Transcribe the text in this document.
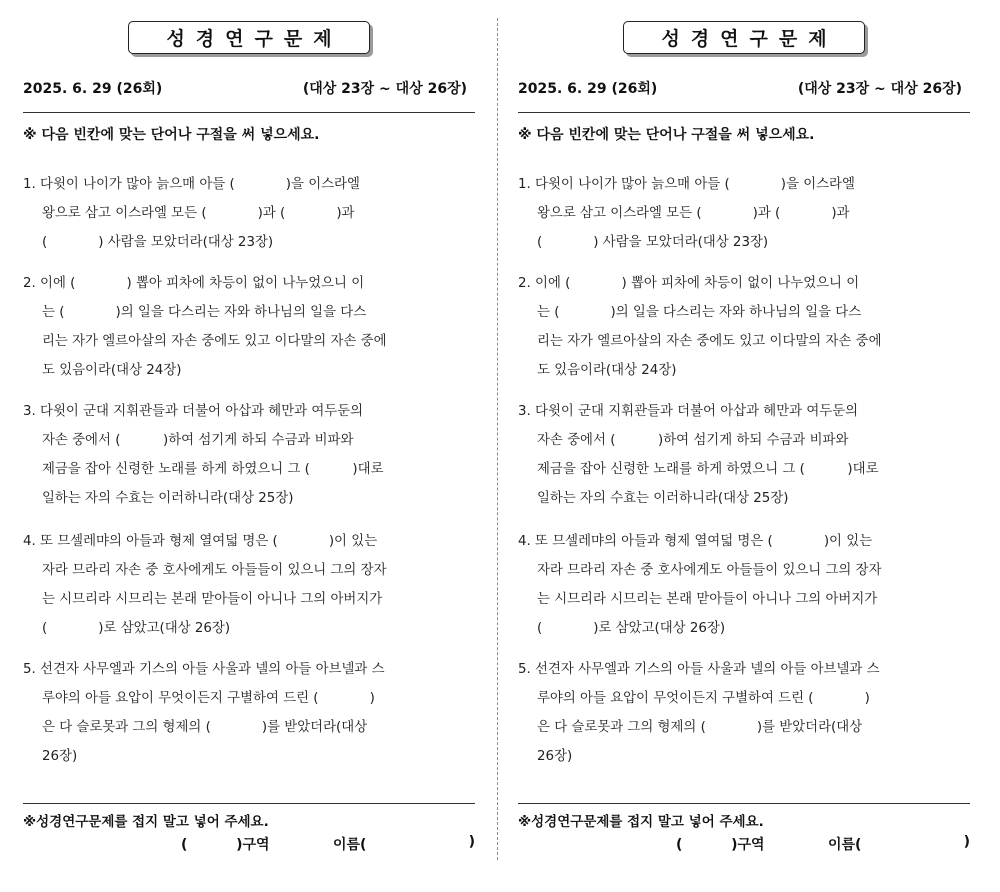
성경연구문제
2025. 6. 29 (26회)	(대상 23장 ~ 대상 26장)
※ 다음 빈칸에 맞는 단어나 구절을 써 넣으세요.
1. 다윗이 나이가 많아 늙으매 아들 (            )을 이스라엘
왕으로 삼고 이스라엘 모든 (            )과 (            )과
(            ) 사람을 모았더라(대상 23장)
2. 이에 (            ) 뽑아 피차에 차등이 없이 나누었으니 이
는 (            )의 일을 다스리는 자와 하나님의 일을 다스
리는 자가 엘르아살의 자손 중에도 있고 이다말의 자손 중에
도 있음이라(대상 24장)
3. 다윗이 군대 지휘관들과 더불어 아삽과 헤만과 여두둔의
자손 중에서 (          )하여 섬기게 하되 수금과 비파와
제금을 잡아 신령한 노래를 하게 하였으니 그 (          )대로
일하는 자의 수효는 이러하니라(대상 25장)
4. 또 므셀레먀의 아들과 형제 열여덟 명은 (            )이 있는
자라 므라리 자손 중 호사에게도 아들들이 있으니 그의 장자
는 시므리라 시므리는 본래 맏아들이 아니나 그의 아버지가
(            )로 삼았고(대상 26장)
5. 선견자 사무엘과 기스의 아들 사울과 넬의 아들 아브넬과 스
루야의 아들 요압이 무엇이든지 구별하여 드린 (            )
은 다 슬로못과 그의 형제의 (            )를 받았더라(대상
26장)
※성경연구문제를 접지 말고 넣어 주세요.
(          )구역	이름(	)
성경연구문제
2025. 6. 29 (26회)	(대상 23장 ~ 대상 26장)
※ 다음 빈칸에 맞는 단어나 구절을 써 넣으세요.
1. 다윗이 나이가 많아 늙으매 아들 (            )을 이스라엘
왕으로 삼고 이스라엘 모든 (            )과 (            )과
(            ) 사람을 모았더라(대상 23장)
2. 이에 (            ) 뽑아 피차에 차등이 없이 나누었으니 이
는 (            )의 일을 다스리는 자와 하나님의 일을 다스
리는 자가 엘르아살의 자손 중에도 있고 이다말의 자손 중에
도 있음이라(대상 24장)
3. 다윗이 군대 지휘관들과 더불어 아삽과 헤만과 여두둔의
자손 중에서 (          )하여 섬기게 하되 수금과 비파와
제금을 잡아 신령한 노래를 하게 하였으니 그 (          )대로
일하는 자의 수효는 이러하니라(대상 25장)
4. 또 므셀레먀의 아들과 형제 열여덟 명은 (            )이 있는
자라 므라리 자손 중 호사에게도 아들들이 있으니 그의 장자
는 시므리라 시므리는 본래 맏아들이 아니나 그의 아버지가
(            )로 삼았고(대상 26장)
5. 선견자 사무엘과 기스의 아들 사울과 넬의 아들 아브넬과 스
루야의 아들 요압이 무엇이든지 구별하여 드린 (            )
은 다 슬로못과 그의 형제의 (            )를 받았더라(대상
26장)
※성경연구문제를 접지 말고 넣어 주세요.
(          )구역	이름(	)
